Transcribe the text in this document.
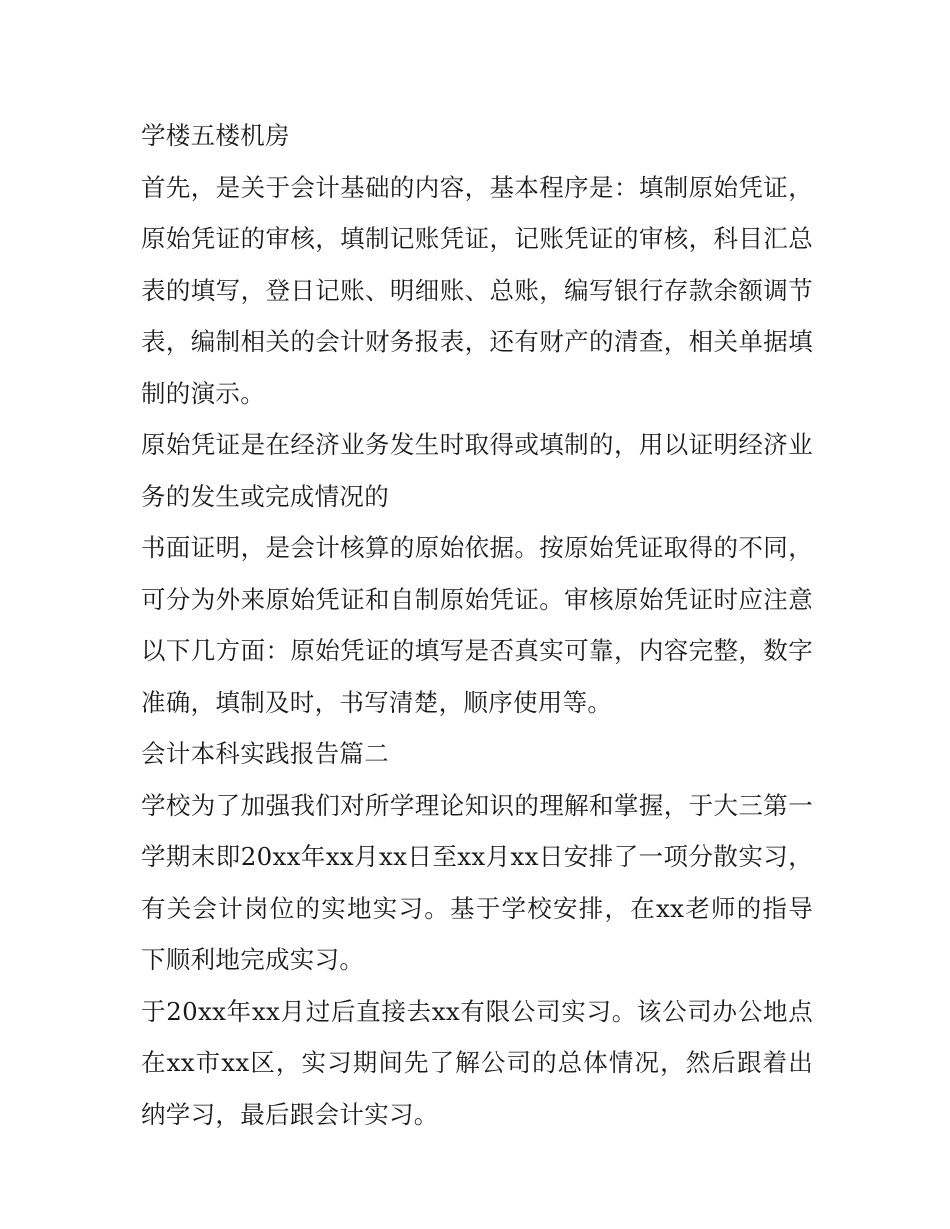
学楼五楼机房

首先，是关于会计基础的内容，基本程序是：填制原始凭证，原始凭证的审核，填制记账凭证，记账凭证的审核，科目汇总表的填写，登日记账、明细账、总账，编写银行存款余额调节表，编制相关的会计财务报表，还有财产的清查，相关单据填制的演示。

原始凭证是在经济业务发生时取得或填制的，用以证明经济业务的发生或完成情况的

书面证明，是会计核算的原始依据。按原始凭证取得的不同，可分为外来原始凭证和自制原始凭证。审核原始凭证时应注意以下几方面：原始凭证的填写是否真实可靠，内容完整，数字准确，填制及时，书写清楚，顺序使用等。

会计本科实践报告篇二

学校为了加强我们对所学理论知识的理解和掌握，于大三第一学期末即20xx年xx月xx日至xx月xx日安排了一项分散实习，有关会计岗位的实地实习。基于学校安排，在xx老师的指导下顺利地完成实习。

于20xx年xx月过后直接去xx有限公司实习。该公司办公地点在xx市xx区，实习期间先了解公司的总体情况，然后跟着出纳学习，最后跟会计实习。
